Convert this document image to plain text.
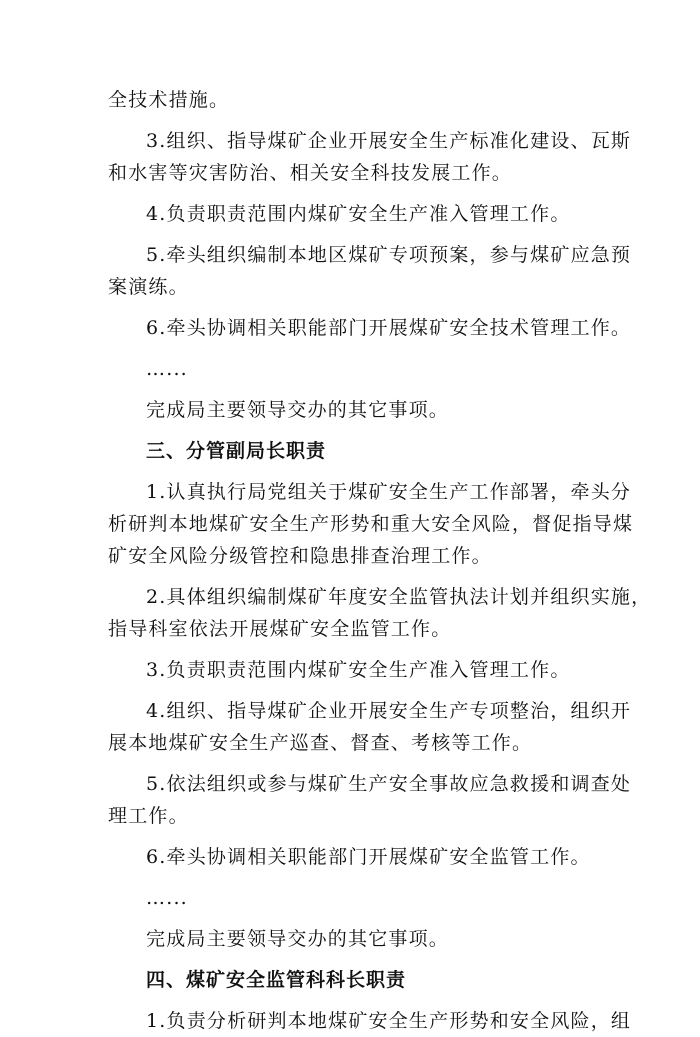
全技术措施。
3.组织、指导煤矿企业开展安全生产标准化建设、瓦斯
和水害等灾害防治、相关安全科技发展工作。
4.负责职责范围内煤矿安全生产准入管理工作。
5.牵头组织编制本地区煤矿专项预案，参与煤矿应急预
案演练。
6.牵头协调相关职能部门开展煤矿安全技术管理工作。
…...
完成局主要领导交办的其它事项。
三、分管副局长职责
1.认真执行局党组关于煤矿安全生产工作部署，牵头分
析研判本地煤矿安全生产形势和重大安全风险，督促指导煤
矿安全风险分级管控和隐患排查治理工作。
2.具体组织编制煤矿年度安全监管执法计划并组织实施，
指导科室依法开展煤矿安全监管工作。
3.负责职责范围内煤矿安全生产准入管理工作。
4.组织、指导煤矿企业开展安全生产专项整治，组织开
展本地煤矿安全生产巡查、督查、考核等工作。
5.依法组织或参与煤矿生产安全事故应急救援和调查处
理工作。
6.牵头协调相关职能部门开展煤矿安全监管工作。
…...
完成局主要领导交办的其它事项。
四、煤矿安全监管科科长职责
1.负责分析研判本地煤矿安全生产形势和安全风险，组
